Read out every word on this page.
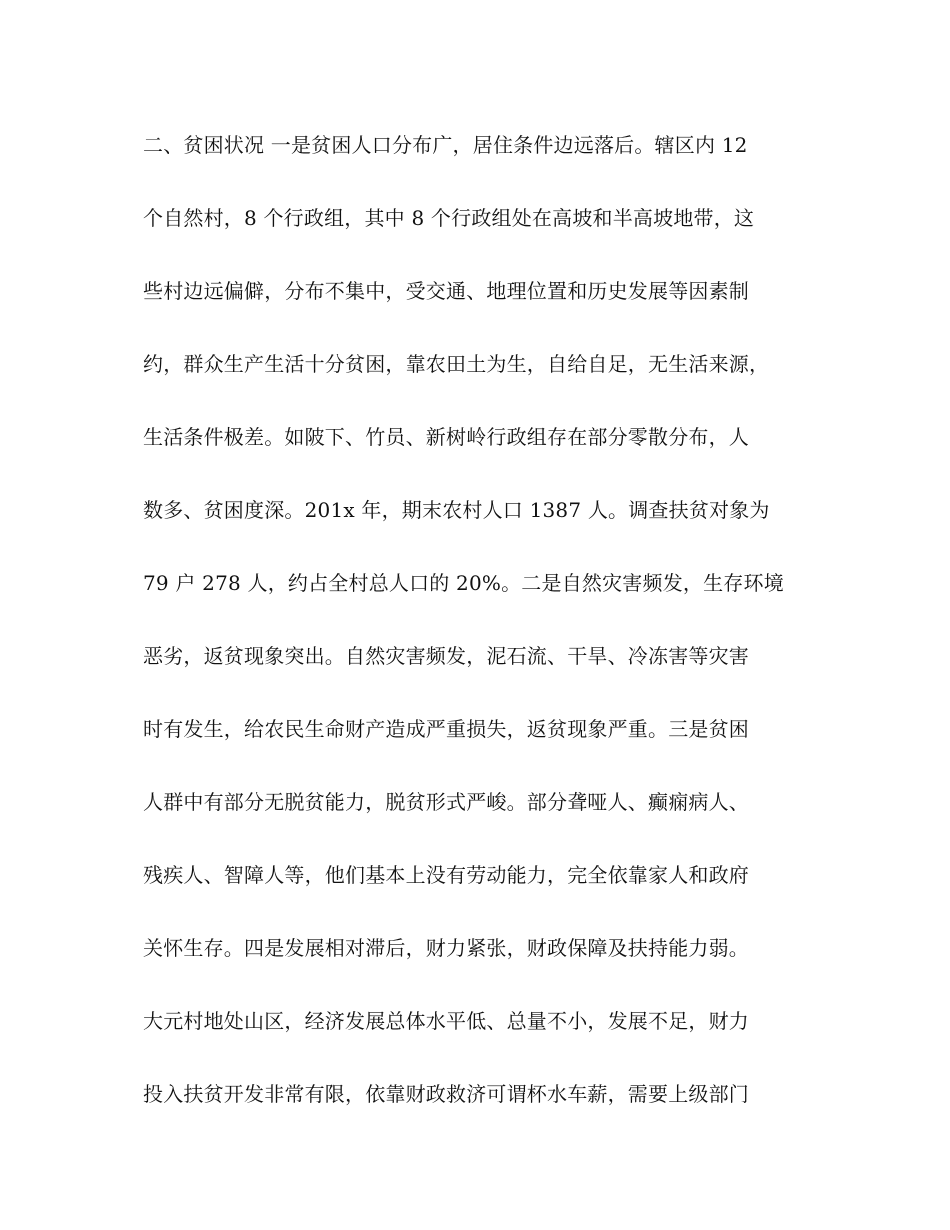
二、贫困状况 一是贫困人口分布广，居住条件边远落后。辖区内 12
个自然村，8 个行政组，其中 8 个行政组处在高坡和半高坡地带，这
些村边远偏僻，分布不集中，受交通、地理位置和历史发展等因素制
约，群众生产生活十分贫困，靠农田土为生，自给自足，无生活来源，
生活条件极差。如陂下、竹员、新树岭行政组存在部分零散分布，人
数多、贫困度深。201x 年，期末农村人口 1387 人。调查扶贫对象为
79 户 278 人，约占全村总人口的 20%。二是自然灾害频发，生存环境
恶劣，返贫现象突出。自然灾害频发，泥石流、干旱、冷冻害等灾害
时有发生，给农民生命财产造成严重损失，返贫现象严重。三是贫困
人群中有部分无脱贫能力，脱贫形式严峻。部分聋哑人、癫痫病人、
残疾人、智障人等，他们基本上没有劳动能力，完全依靠家人和政府
关怀生存。四是发展相对滞后，财力紧张，财政保障及扶持能力弱。
大元村地处山区，经济发展总体水平低、总量不小，发展不足，财力
投入扶贫开发非常有限，依靠财政救济可谓杯水车薪，需要上级部门
